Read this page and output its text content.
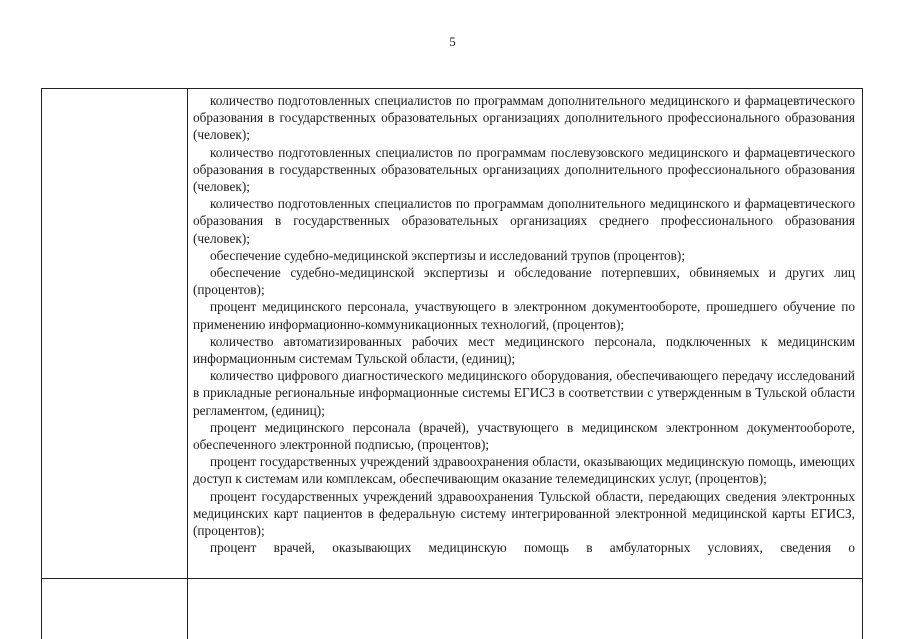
5

количество подготовленных специалистов по программам дополнительного медицинского и фармацевтического образования в государственных образовательных организациях дополнительного профессионального образования (человек);

количество подготовленных специалистов по программам послевузовского медицинского и фармацевтического образования в государственных образовательных организациях дополнительного профессионального образования (человек);

количество подготовленных специалистов по программам дополнительного медицинского и фармацевтического образования в государственных образовательных организациях среднего профессионального образования (человек);

обеспечение судебно-медицинской экспертизы и исследований трупов (процентов);

обеспечение судебно-медицинской экспертизы и обследование потерпевших, обвиняемых и других лиц (процентов);

процент медицинского персонала, участвующего в электронном документообороте, прошедшего обучение по применению информационно-коммуникационных технологий, (процентов);

количество автоматизированных рабочих мест медицинского персонала, подключенных к медицинским информационным системам Тульской области, (единиц);

количество цифрового диагностического медицинского оборудования, обеспечивающего передачу исследований в прикладные региональные информационные системы ЕГИСЗ в соответствии с утвержденным в Тульской области регламентом, (единиц);

процент медицинского персонала (врачей), участвующего в медицинском электронном документообороте, обеспеченного электронной подписью, (процентов);

процент государственных учреждений здравоохранения области, оказывающих медицинскую помощь, имеющих доступ к системам или комплексам, обеспечивающим оказание телемедицинских услуг, (процентов);

процент государственных учреждений здравоохранения Тульской области, передающих сведения электронных медицинских карт пациентов в федеральную систему интегрированной электронной медицинской карты ЕГИСЗ, (процентов);

процент врачей, оказывающих медицинскую помощь в амбулаторных условиях, сведения о
